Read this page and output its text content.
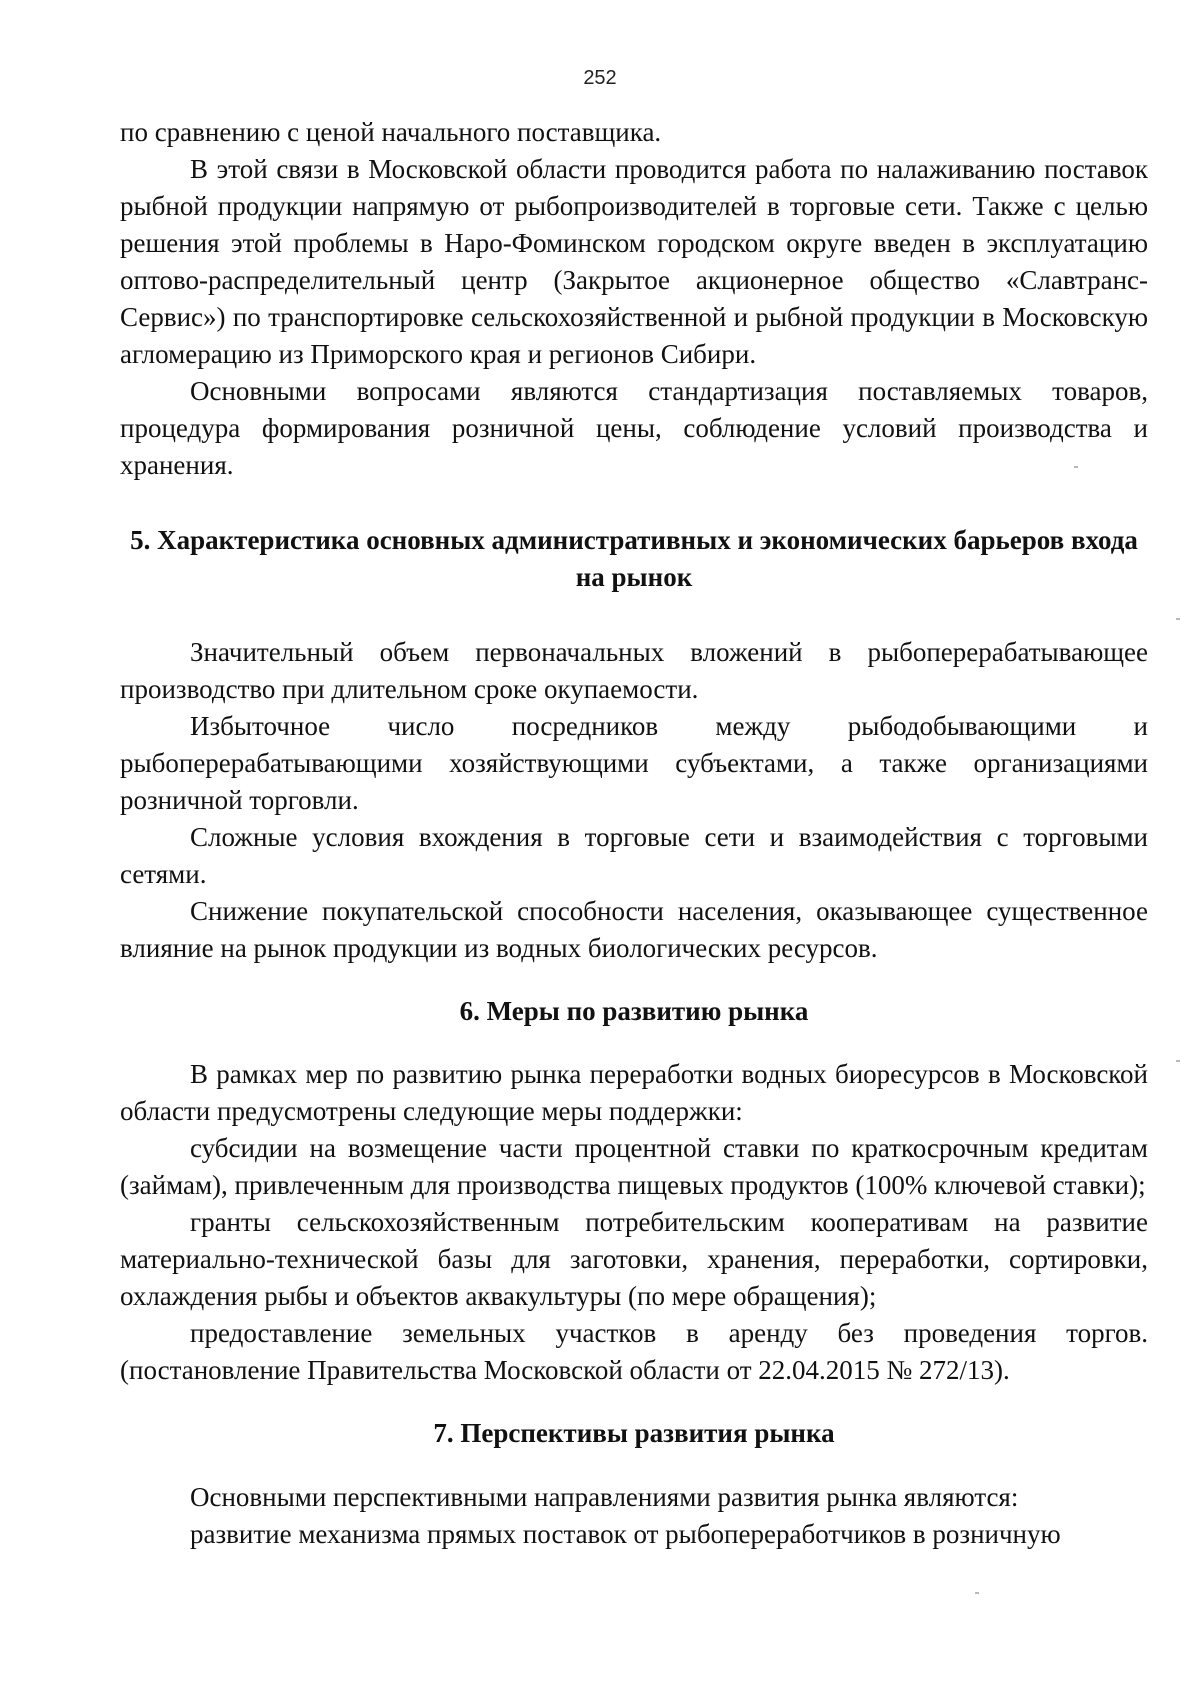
252

по сравнению с ценой начального поставщика.

В этой связи в Московской области проводится работа по налаживанию поставок рыбной продукции напрямую от рыбопроизводителей в торговые сети. Также с целью решения этой проблемы в Наро-Фоминском городском округе введен в эксплуатацию оптово-распределительный центр (Закрытое акционерное общество «Славтранс-Сервис») по транспортировке сельскохозяйственной и рыбной продукции в Московскую агломерацию из Приморского края и регионов Сибири.

Основными вопросами являются стандартизация поставляемых товаров, процедура формирования розничной цены, соблюдение условий производства и хранения.

5. Характеристика основных административных и экономических барьеров входа на рынок

Значительный объем первоначальных вложений в рыбоперерабатывающее производство при длительном сроке окупаемости.

Избыточное число посредников между рыбодобывающими и рыбоперерабатывающими хозяйствующими субъектами, а также организациями розничной торговли.

Сложные условия вхождения в торговые сети и взаимодействия с торговыми сетями.

Снижение покупательской способности населения, оказывающее существенное влияние на рынок продукции из водных биологических ресурсов.

6. Меры по развитию рынка

В рамках мер по развитию рынка переработки водных биоресурсов в Московской области предусмотрены следующие меры поддержки:

субсидии на возмещение части процентной ставки по краткосрочным кредитам (займам), привлеченным для производства пищевых продуктов (100% ключевой ставки);

гранты сельскохозяйственным потребительским кооперативам на развитие материально-технической базы для заготовки, хранения, переработки, сортировки, охлаждения рыбы и объектов аквакультуры (по мере обращения);

предоставление земельных участков в аренду без проведения торгов. (постановление Правительства Московской области от 22.04.2015 № 272/13).

7. Перспективы развития рынка

Основными перспективными направлениями развития рынка являются:

развитие механизма прямых поставок от рыбопереработчиков в розничную
